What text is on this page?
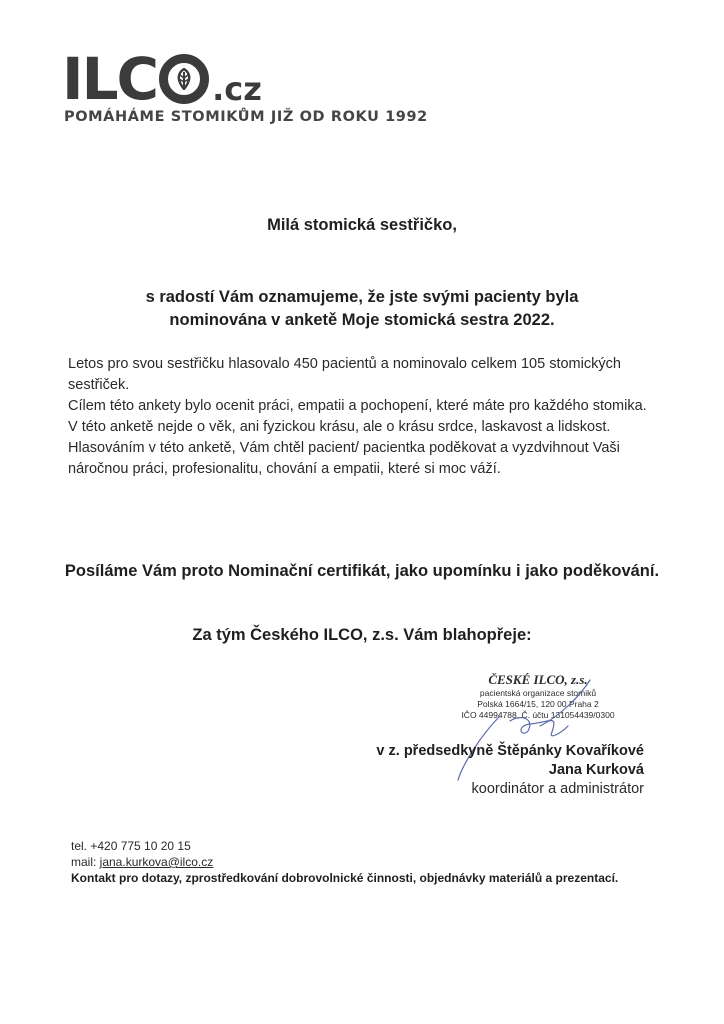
ILC .cz
POMÁHÁME STOMIKŮM JIŽ OD ROKU 1992
Milá stomická sestřičko,
s radostí Vám oznamujeme, že jste svými pacienty byla
nominována v anketě Moje stomická sestra 2022.

Letos pro svou sestřičku hlasovalo 450 pacientů a nominovalo celkem 105 stomických sestřiček.

Cílem této ankety bylo ocenit práci, empatii a pochopení, které máte pro každého stomika.

V této anketě nejde o věk, ani fyzickou krásu, ale o krásu srdce, laskavost a lidskost.

Hlasováním v této anketě, Vám chtěl pacient/ pacientka poděkovat a vyzdvihnout Vaši náročnou práci, profesionalitu, chování a empatii, které si moc váží.

Posíláme Vám proto Nominační certifikát, jako upomínku i jako poděkování.
Za tým Českého ILCO, z.s. Vám blahopřeje:
ČESKÉ ILCO, z.s.
pacientská organizace stomiků
Polská 1664/15, 120 00 Praha 2
IČO 44994788, Č. účtu 131054439/0300
v z. předsedkyně Štěpánky Kovaříkové
Jana Kurková
koordinátor a administrátor
tel. +420 775 10 20 15
mail: jana.kurkova@ilco.cz
Kontakt pro dotazy, zprostředkování dobrovolnické činnosti, objednávky materiálů a prezentací.
